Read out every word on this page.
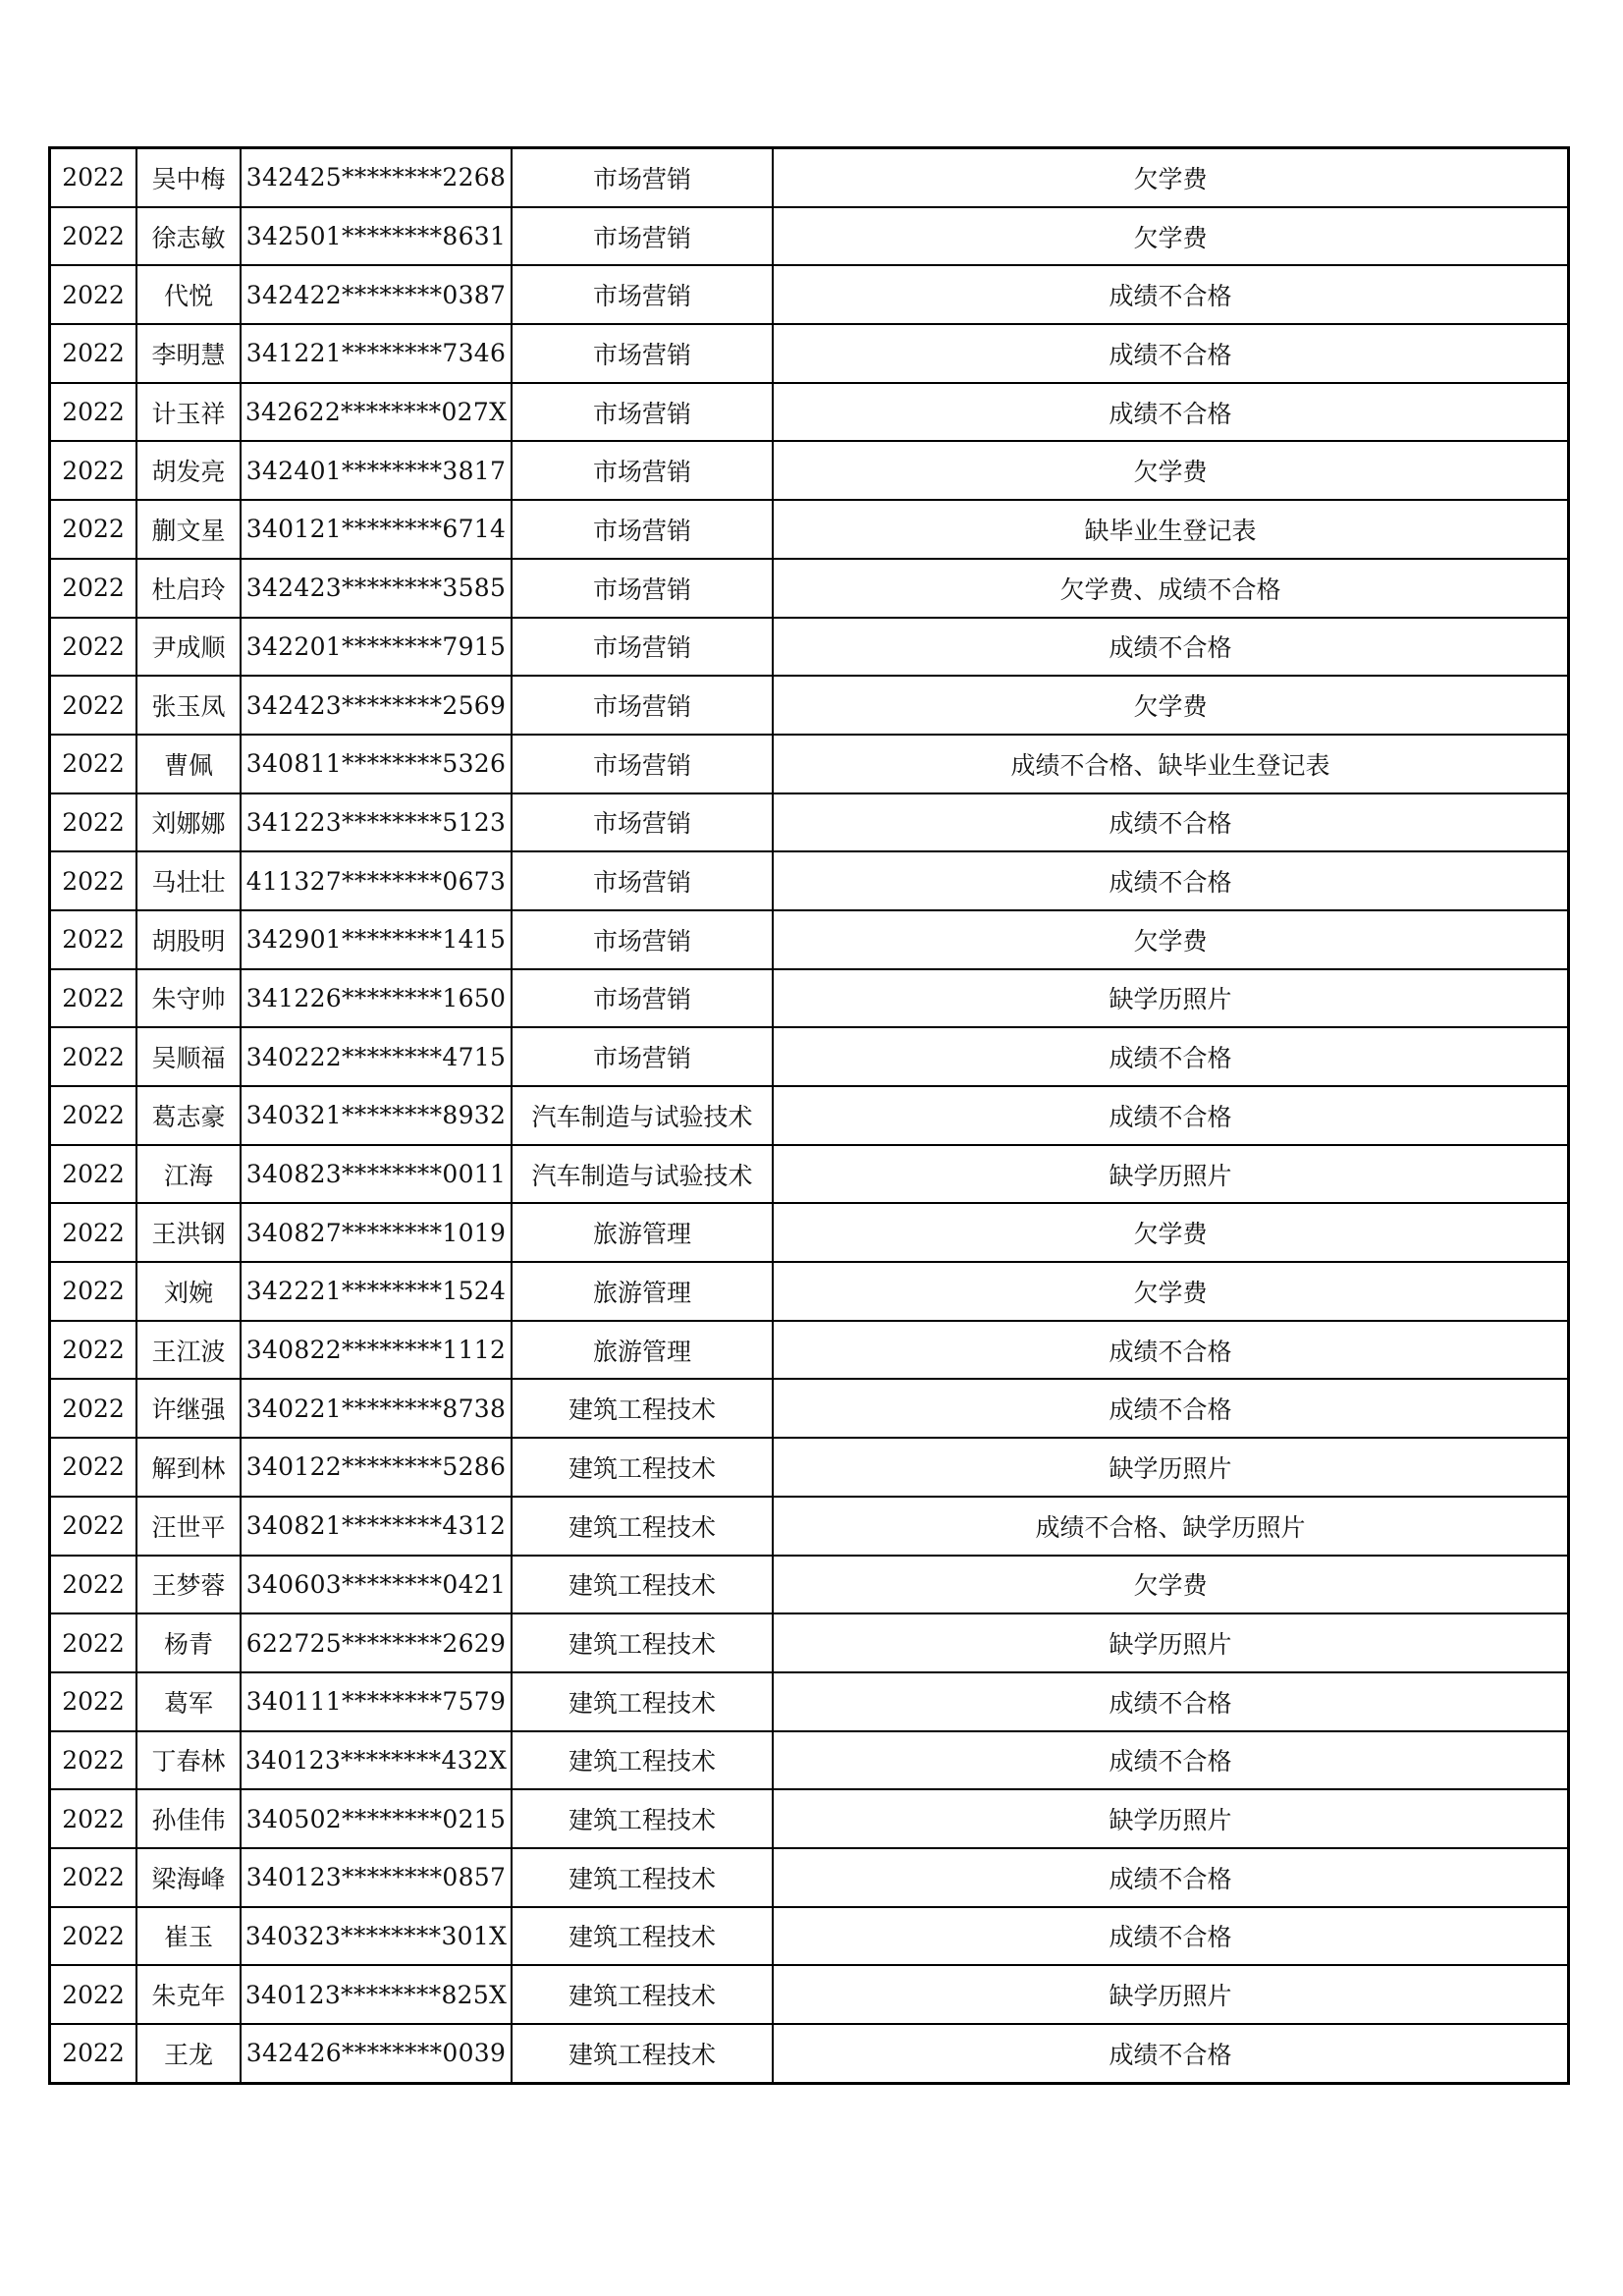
2022	吴中梅	342425********2268	市场营销	欠学费
2022	徐志敏	342501********8631	市场营销	欠学费
2022	代悦	342422********0387	市场营销	成绩不合格
2022	李明慧	341221********7346	市场营销	成绩不合格
2022	计玉祥	342622********027X	市场营销	成绩不合格
2022	胡发亮	342401********3817	市场营销	欠学费
2022	蒯文星	340121********6714	市场营销	缺毕业生登记表
2022	杜启玲	342423********3585	市场营销	欠学费、成绩不合格
2022	尹成顺	342201********7915	市场营销	成绩不合格
2022	张玉凤	342423********2569	市场营销	欠学费
2022	曹佩	340811********5326	市场营销	成绩不合格、缺毕业生登记表
2022	刘娜娜	341223********5123	市场营销	成绩不合格
2022	马壮壮	411327********0673	市场营销	成绩不合格
2022	胡股明	342901********1415	市场营销	欠学费
2022	朱守帅	341226********1650	市场营销	缺学历照片
2022	吴顺福	340222********4715	市场营销	成绩不合格
2022	葛志豪	340321********8932	汽车制造与试验技术	成绩不合格
2022	江海	340823********0011	汽车制造与试验技术	缺学历照片
2022	王洪钢	340827********1019	旅游管理	欠学费
2022	刘婉	342221********1524	旅游管理	欠学费
2022	王江波	340822********1112	旅游管理	成绩不合格
2022	许继强	340221********8738	建筑工程技术	成绩不合格
2022	解到林	340122********5286	建筑工程技术	缺学历照片
2022	汪世平	340821********4312	建筑工程技术	成绩不合格、缺学历照片
2022	王梦蓉	340603********0421	建筑工程技术	欠学费
2022	杨青	622725********2629	建筑工程技术	缺学历照片
2022	葛军	340111********7579	建筑工程技术	成绩不合格
2022	丁春林	340123********432X	建筑工程技术	成绩不合格
2022	孙佳伟	340502********0215	建筑工程技术	缺学历照片
2022	梁海峰	340123********0857	建筑工程技术	成绩不合格
2022	崔玉	340323********301X	建筑工程技术	成绩不合格
2022	朱克年	340123********825X	建筑工程技术	缺学历照片
2022	王龙	342426********0039	建筑工程技术	成绩不合格
